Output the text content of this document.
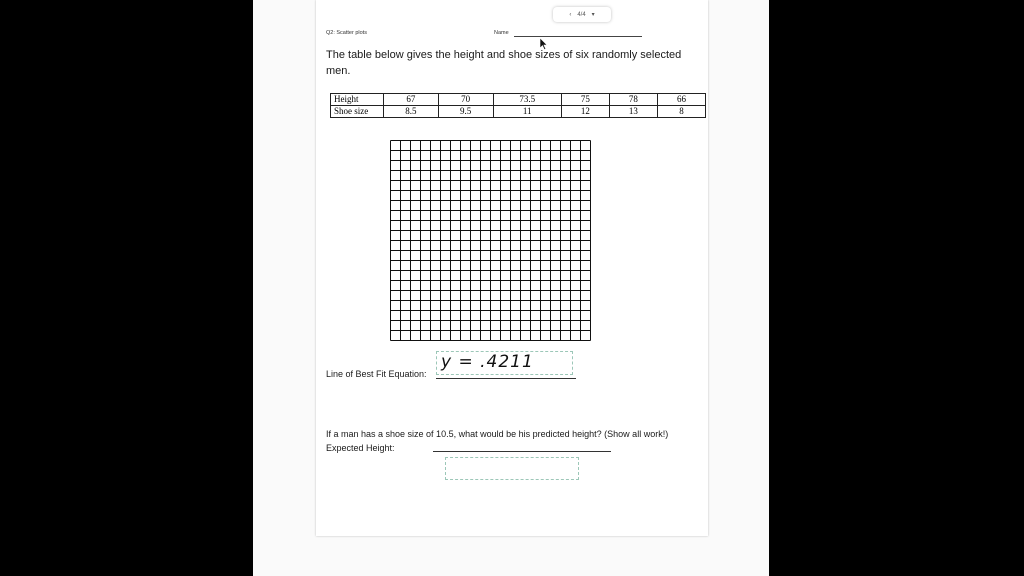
‹ 4/4 ▾
Q2: Scatter plots	Name
The table below gives the height and shoe sizes of six randomly selected men.
Height	67	70	73.5	75	78	66
Shoe size	8.5	9.5	11	12	13	8
Line of Best Fit Equation:
y = .4211
If a man has a shoe size of 10.5, what would be his predicted height? (Show all work!) Expected Height:
